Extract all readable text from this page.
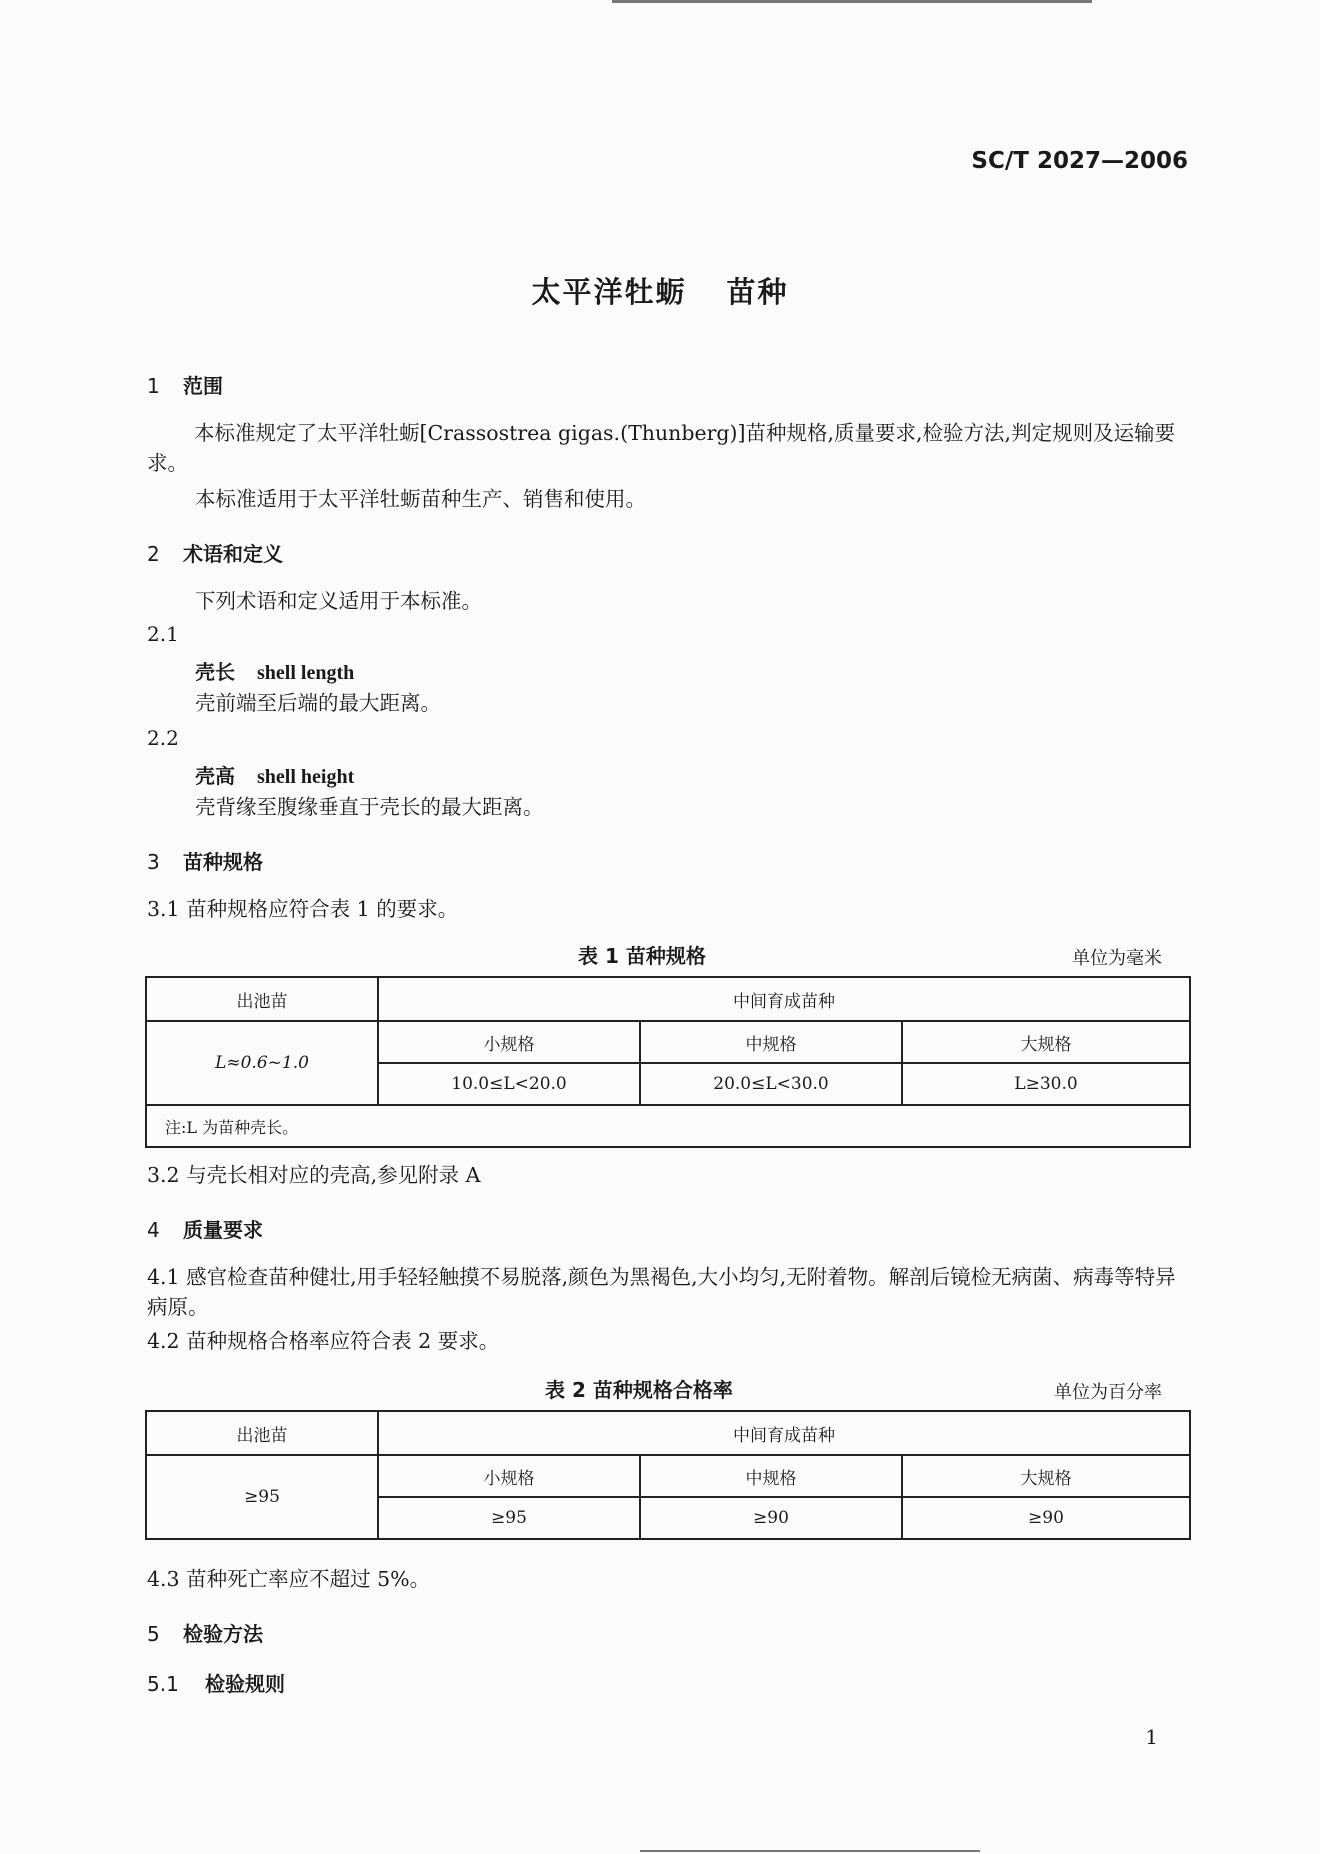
SC/T 2027—2006
太平洋牡蛎 苗种
1 范围

本标准规定了太平洋牡蛎[Crassostrea gigas.(Thunberg)]苗种规格,质量要求,检验方法,判定规则及运输要求。

本标准适用于太平洋牡蛎苗种生产、销售和使用。

2 术语和定义

下列术语和定义适用于本标准。

2.1
壳长 shell length

壳前端至后端的最大距离。

2.2
壳高 shell height

壳背缘至腹缘垂直于壳长的最大距离。

3 苗种规格

3.1 苗种规格应符合表 1 的要求。

表 1 苗种规格	单位为毫米
出池苗	中间育成苗种		
L≈0.6~1.0	小规格	中规格	大规格
	10.0≤L<20.0	20.0≤L<30.0	L≥30.0
注:L 为苗种壳长。			

3.2 与壳长相对应的壳高,参见附录 A

4 质量要求

4.1 感官检查苗种健壮,用手轻轻触摸不易脱落,颜色为黑褐色,大小均匀,无附着物。解剖后镜检无病菌、病毒等特异病原。

4.2 苗种规格合格率应符合表 2 要求。

表 2 苗种规格合格率	单位为百分率
出池苗	中间育成苗种		
≥95	小规格	中规格	大规格
	≥95	≥90	≥90

4.3 苗种死亡率应不超过 5%。

5 检验方法
5.1 检验规则
1
